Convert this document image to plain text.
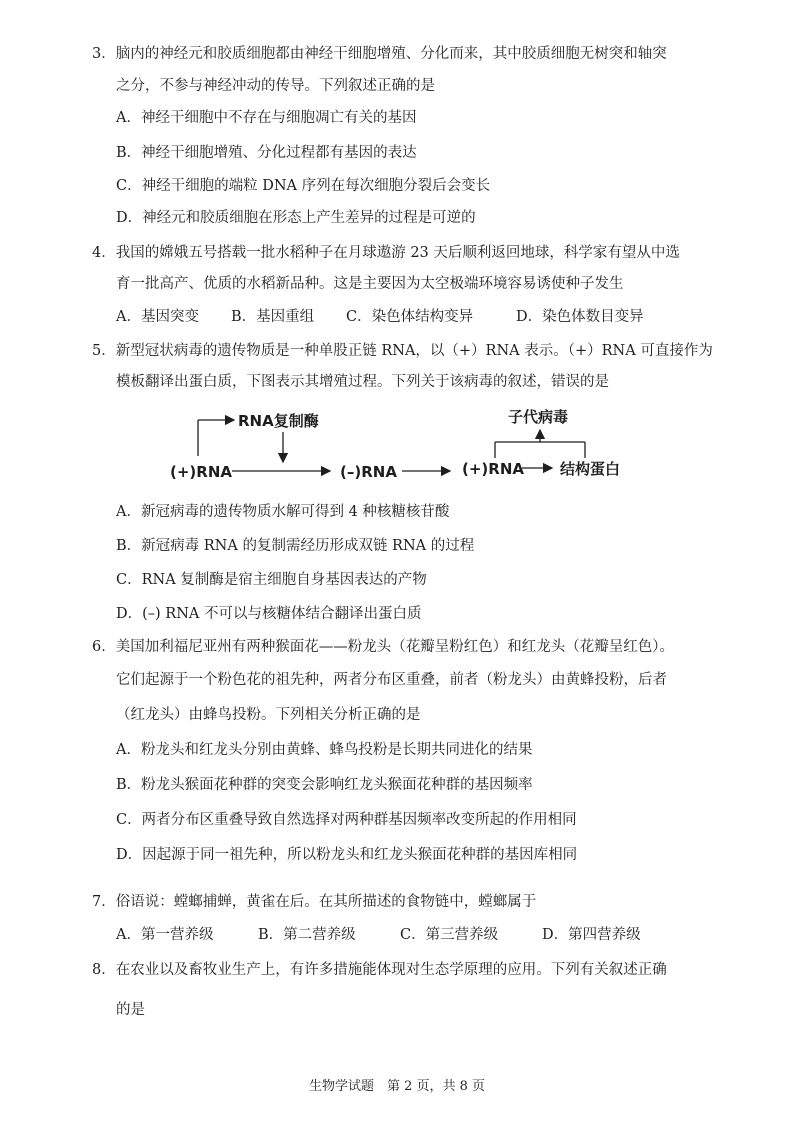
3．脑内的神经元和胶质细胞都由神经干细胞增殖、分化而来，其中胶质细胞无树突和轴突
之分，不参与神经冲动的传导。下列叙述正确的是
A．神经干细胞中不存在与细胞凋亡有关的基因
B．神经干细胞增殖、分化过程都有基因的表达
C．神经干细胞的端粒 DNA 序列在每次细胞分裂后会变长
D．神经元和胶质细胞在形态上产生差异的过程是可逆的
4．我国的嫦娥五号搭载一批水稻种子在月球遨游 23 天后顺利返回地球，科学家有望从中选
育一批高产、优质的水稻新品种。这是主要因为太空极端环境容易诱使种子发生
A．基因突变	B．基因重组	C．染色体结构变异	D．染色体数目变异
5．新型冠状病毒的遗传物质是一种单股正链 RNA，以（+）RNA 表示。（+）RNA 可直接作为
模板翻译出蛋白质，下图表示其增殖过程。下列关于该病毒的叙述，错误的是
RNA复制酶
(+)RNA	(–)RNA	(+)RNA 结构蛋白
子代病毒
A．新冠病毒的遗传物质水解可得到 4 种核糖核苷酸
B．新冠病毒 RNA 的复制需经历形成双链 RNA 的过程
C．RNA 复制酶是宿主细胞自身基因表达的产物
D．(–) RNA 不可以与核糖体结合翻译出蛋白质
6．美国加利福尼亚州有两种猴面花——粉龙头（花瓣呈粉红色）和红龙头（花瓣呈红色）。
它们起源于一个粉色花的祖先种，两者分布区重叠，前者（粉龙头）由黄蜂投粉，后者
（红龙头）由蜂鸟投粉。下列相关分析正确的是
A．粉龙头和红龙头分别由黄蜂、蜂鸟投粉是长期共同进化的结果
B．粉龙头猴面花种群的突变会影响红龙头猴面花种群的基因频率
C．两者分布区重叠导致自然选择对两种群基因频率改变所起的作用相同
D．因起源于同一祖先种，所以粉龙头和红龙头猴面花种群的基因库相同
7．俗语说：螳螂捕蝉，黄雀在后。在其所描述的食物链中，螳螂属于
A．第一营养级	B．第二营养级	C．第三营养级	D．第四营养级
8．在农业以及畜牧业生产上，有许多措施能体现对生态学原理的应用。下列有关叙述正确
的是
生物学试题　第 2 页，共 8 页
